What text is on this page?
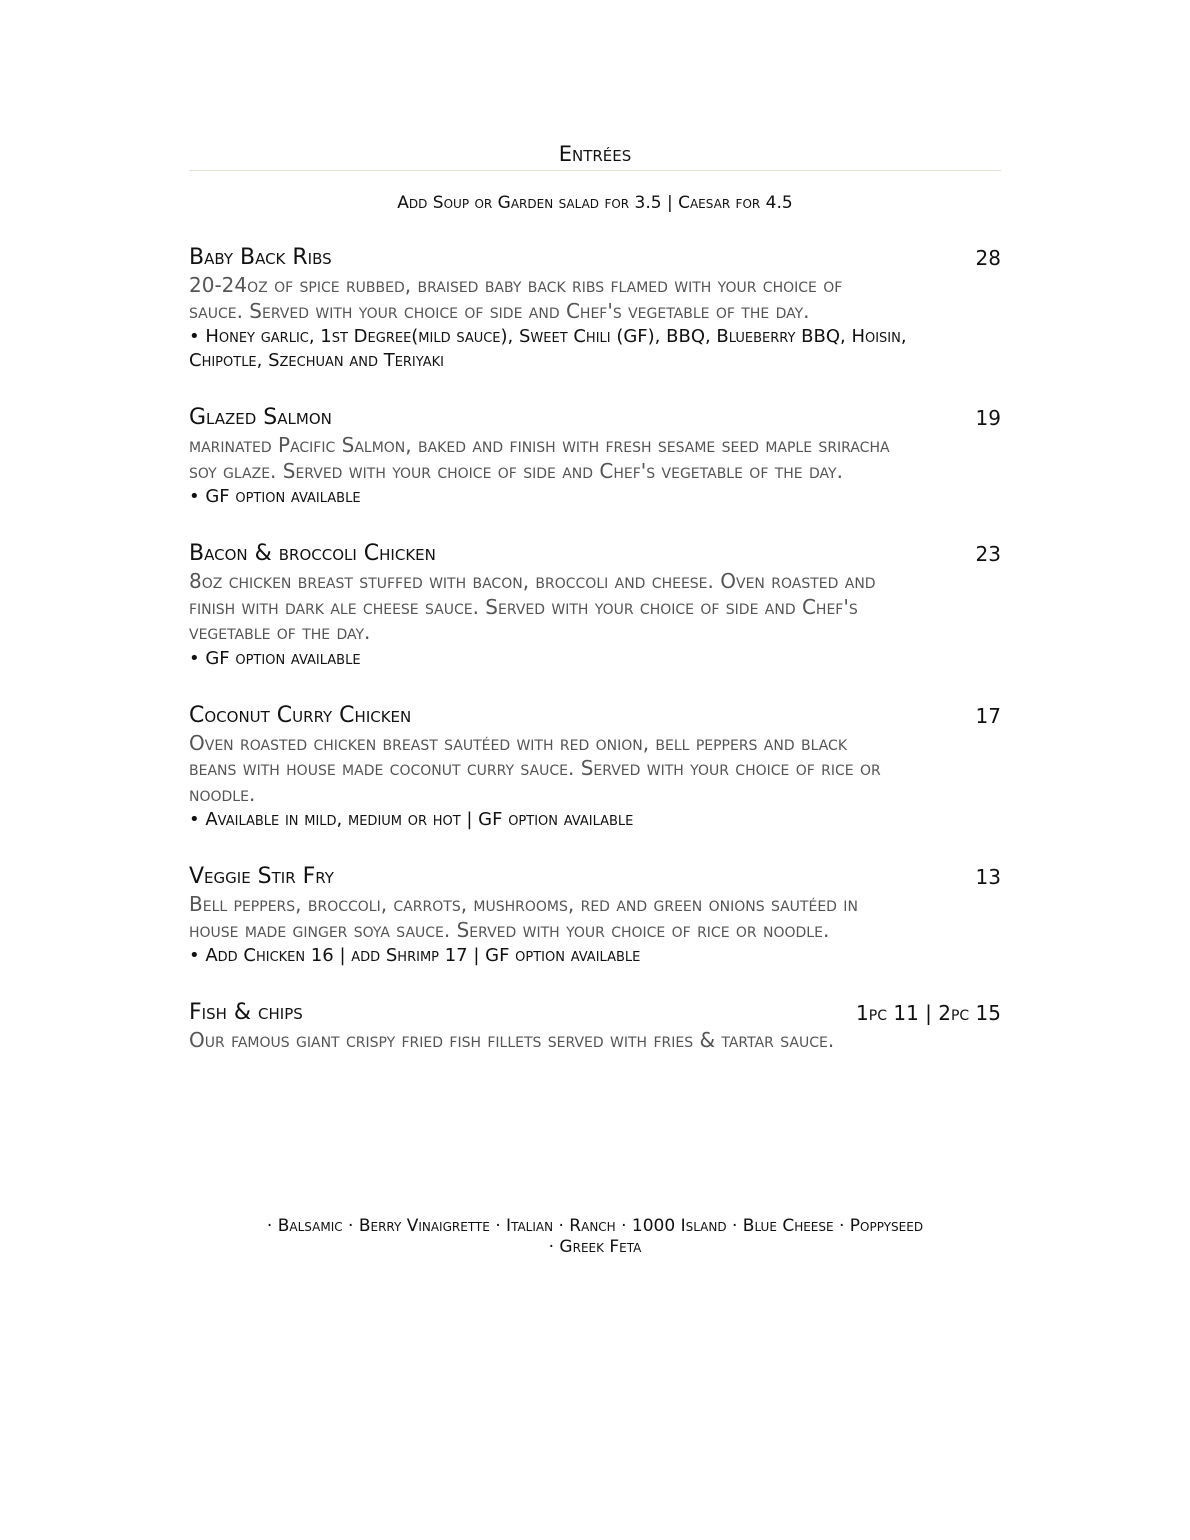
Entrées
Add Soup or Garden salad for 3.5 | Caesar for 4.5
Baby Back Ribs	28
20-24oz of spice rubbed, braised baby back ribs flamed with your choice of sauce. Served with your choice of side and Chef's vegetable of the day.
• Honey garlic, 1st Degree(mild sauce), Sweet Chili (GF), BBQ, Blueberry BBQ, Hoisin, Chipotle, Szechuan and Teriyaki
Glazed Salmon	19
marinated Pacific Salmon, baked and finish with fresh sesame seed maple sriracha soy glaze. Served with your choice of side and Chef's vegetable of the day.
• GF option available
Bacon & broccoli Chicken	23
8oz chicken breast stuffed with bacon, broccoli and cheese. Oven roasted and finish with dark ale cheese sauce. Served with your choice of side and Chef's vegetable of the day.
• GF option available
Coconut Curry Chicken	17
Oven roasted chicken breast sautéed with red onion, bell peppers and black beans with house made coconut curry sauce. Served with your choice of rice or noodle.
• Available in mild, medium or hot | GF option available
Veggie Stir Fry	13
Bell peppers, broccoli, carrots, mushrooms, red and green onions sautéed in house made ginger soya sauce. Served with your choice of rice or noodle.
• Add Chicken 16 | add Shrimp 17 | GF option available
Fish & chips	1pc 11 | 2pc 15
Our famous giant crispy fried fish fillets served with fries & tartar sauce.
· Balsamic · Berry Vinaigrette · Italian · Ranch · 1000 Island · Blue Cheese · Poppyseed
· Greek Feta
